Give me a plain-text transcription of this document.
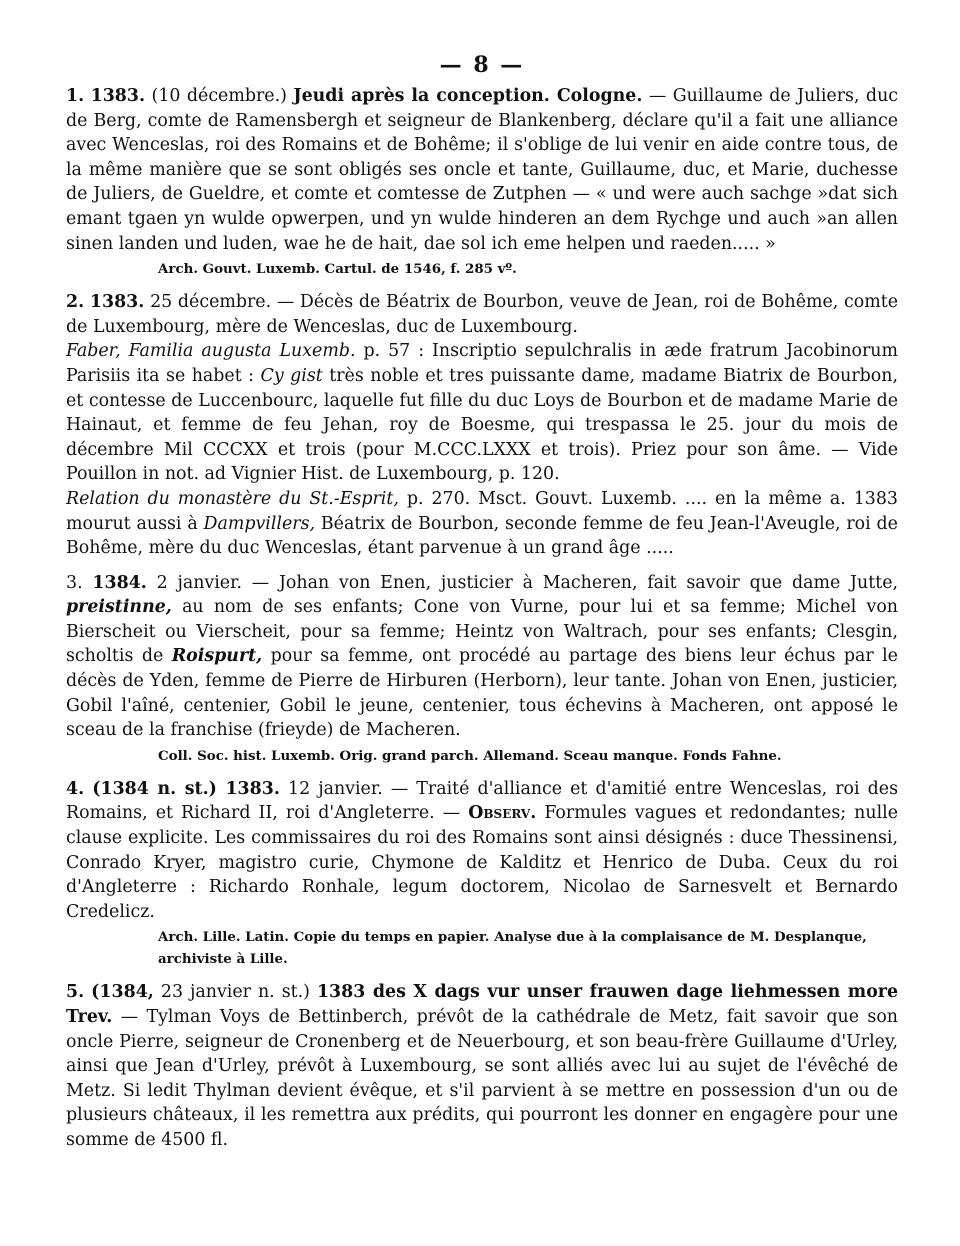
— 8 —

1. 1383. (10 décembre.) Jeudi après la conception. Cologne. — Guillaume de Juliers, duc de Berg, comte de Ramensbergh et seigneur de Blankenberg, déclare qu'il a fait une alliance avec Wenceslas, roi des Romains et de Bohême; il s'oblige de lui venir en aide contre tous, de la même manière que se sont obligés ses oncle et tante, Guillaume, duc, et Marie, duchesse de Juliers, de Gueldre, et comte et comtesse de Zutphen — « und were auch sachge »dat sich emant tgaen yn wulde opwerpen, und yn wulde hinderen an dem Rychge und auch »an allen sinen landen und luden, wae he de hait, dae sol ich eme helpen und raeden..... »

Arch. Gouvt. Luxemb. Cartul. de 1546, f. 285 vº.

2. 1383. 25 décembre. — Décès de Béatrix de Bourbon, veuve de Jean, roi de Bohême, comte de Luxembourg, mère de Wenceslas, duc de Luxembourg.

Faber, Familia augusta Luxemb. p. 57 : Inscriptio sepulchralis in æde fratrum Jacobinorum Parisiis ita se habet : Cy gist très noble et tres puissante dame, madame Biatrix de Bourbon, et contesse de Luccenbourc, laquelle fut fille du duc Loys de Bourbon et de madame Marie de Hainaut, et femme de feu Jehan, roy de Boesme, qui trespassa le 25. jour du mois de décembre Mil CCCXX et trois (pour M.CCC.LXXX et trois). Priez pour son âme. — Vide Pouillon in not. ad Vignier Hist. de Luxembourg, p. 120.

Relation du monastère du St.-Esprit, p. 270. Msct. Gouvt. Luxemb. .... en la même a. 1383 mourut aussi à Dampvillers, Béatrix de Bourbon, seconde femme de feu Jean-l'Aveugle, roi de Bohême, mère du duc Wenceslas, étant parvenue à un grand âge .....

3. 1384. 2 janvier. — Johan von Enen, justicier à Macheren, fait savoir que dame Jutte, preistinne, au nom de ses enfants; Cone von Vurne, pour lui et sa femme; Michel von Bierscheit ou Vierscheit, pour sa femme; Heintz von Waltrach, pour ses enfants; Clesgin, scholtis de Roispurt, pour sa femme, ont procédé au partage des biens leur échus par le décès de Yden, femme de Pierre de Hirburen (Herborn), leur tante. Johan von Enen, justicier, Gobil l'aîné, centenier, Gobil le jeune, centenier, tous échevins à Macheren, ont apposé le sceau de la franchise (frieyde) de Macheren.

Coll. Soc. hist. Luxemb. Orig. grand parch. Allemand. Sceau manque. Fonds Fahne.

4. (1384 n. st.) 1383. 12 janvier. — Traité d'alliance et d'amitié entre Wenceslas, roi des Romains, et Richard II, roi d'Angleterre. — Observ. Formules vagues et redondantes; nulle clause explicite. Les commissaires du roi des Romains sont ainsi désignés : duce Thessinensi, Conrado Kryer, magistro curie, Chymone de Kalditz et Henrico de Duba. Ceux du roi d'Angleterre : Richardo Ronhale, legum doctorem, Nicolao de Sarnesvelt et Bernardo Credelicz.

Arch. Lille. Latin. Copie du temps en papier. Analyse due à la complaisance de M. Desplanque, archiviste à Lille.

5. (1384, 23 janvier n. st.) 1383 des X dags vur unser frauwen dage liehmessen more Trev. — Tylman Voys de Bettinberch, prévôt de la cathédrale de Metz, fait savoir que son oncle Pierre, seigneur de Cronenberg et de Neuerbourg, et son beau-frère Guillaume d'Urley, ainsi que Jean d'Urley, prévôt à Luxembourg, se sont alliés avec lui au sujet de l'évêché de Metz. Si ledit Thylman devient évêque, et s'il parvient à se mettre en possession d'un ou de plusieurs châteaux, il les remettra aux prédits, qui pourront les donner en engagère pour une somme de 4500 fl.
